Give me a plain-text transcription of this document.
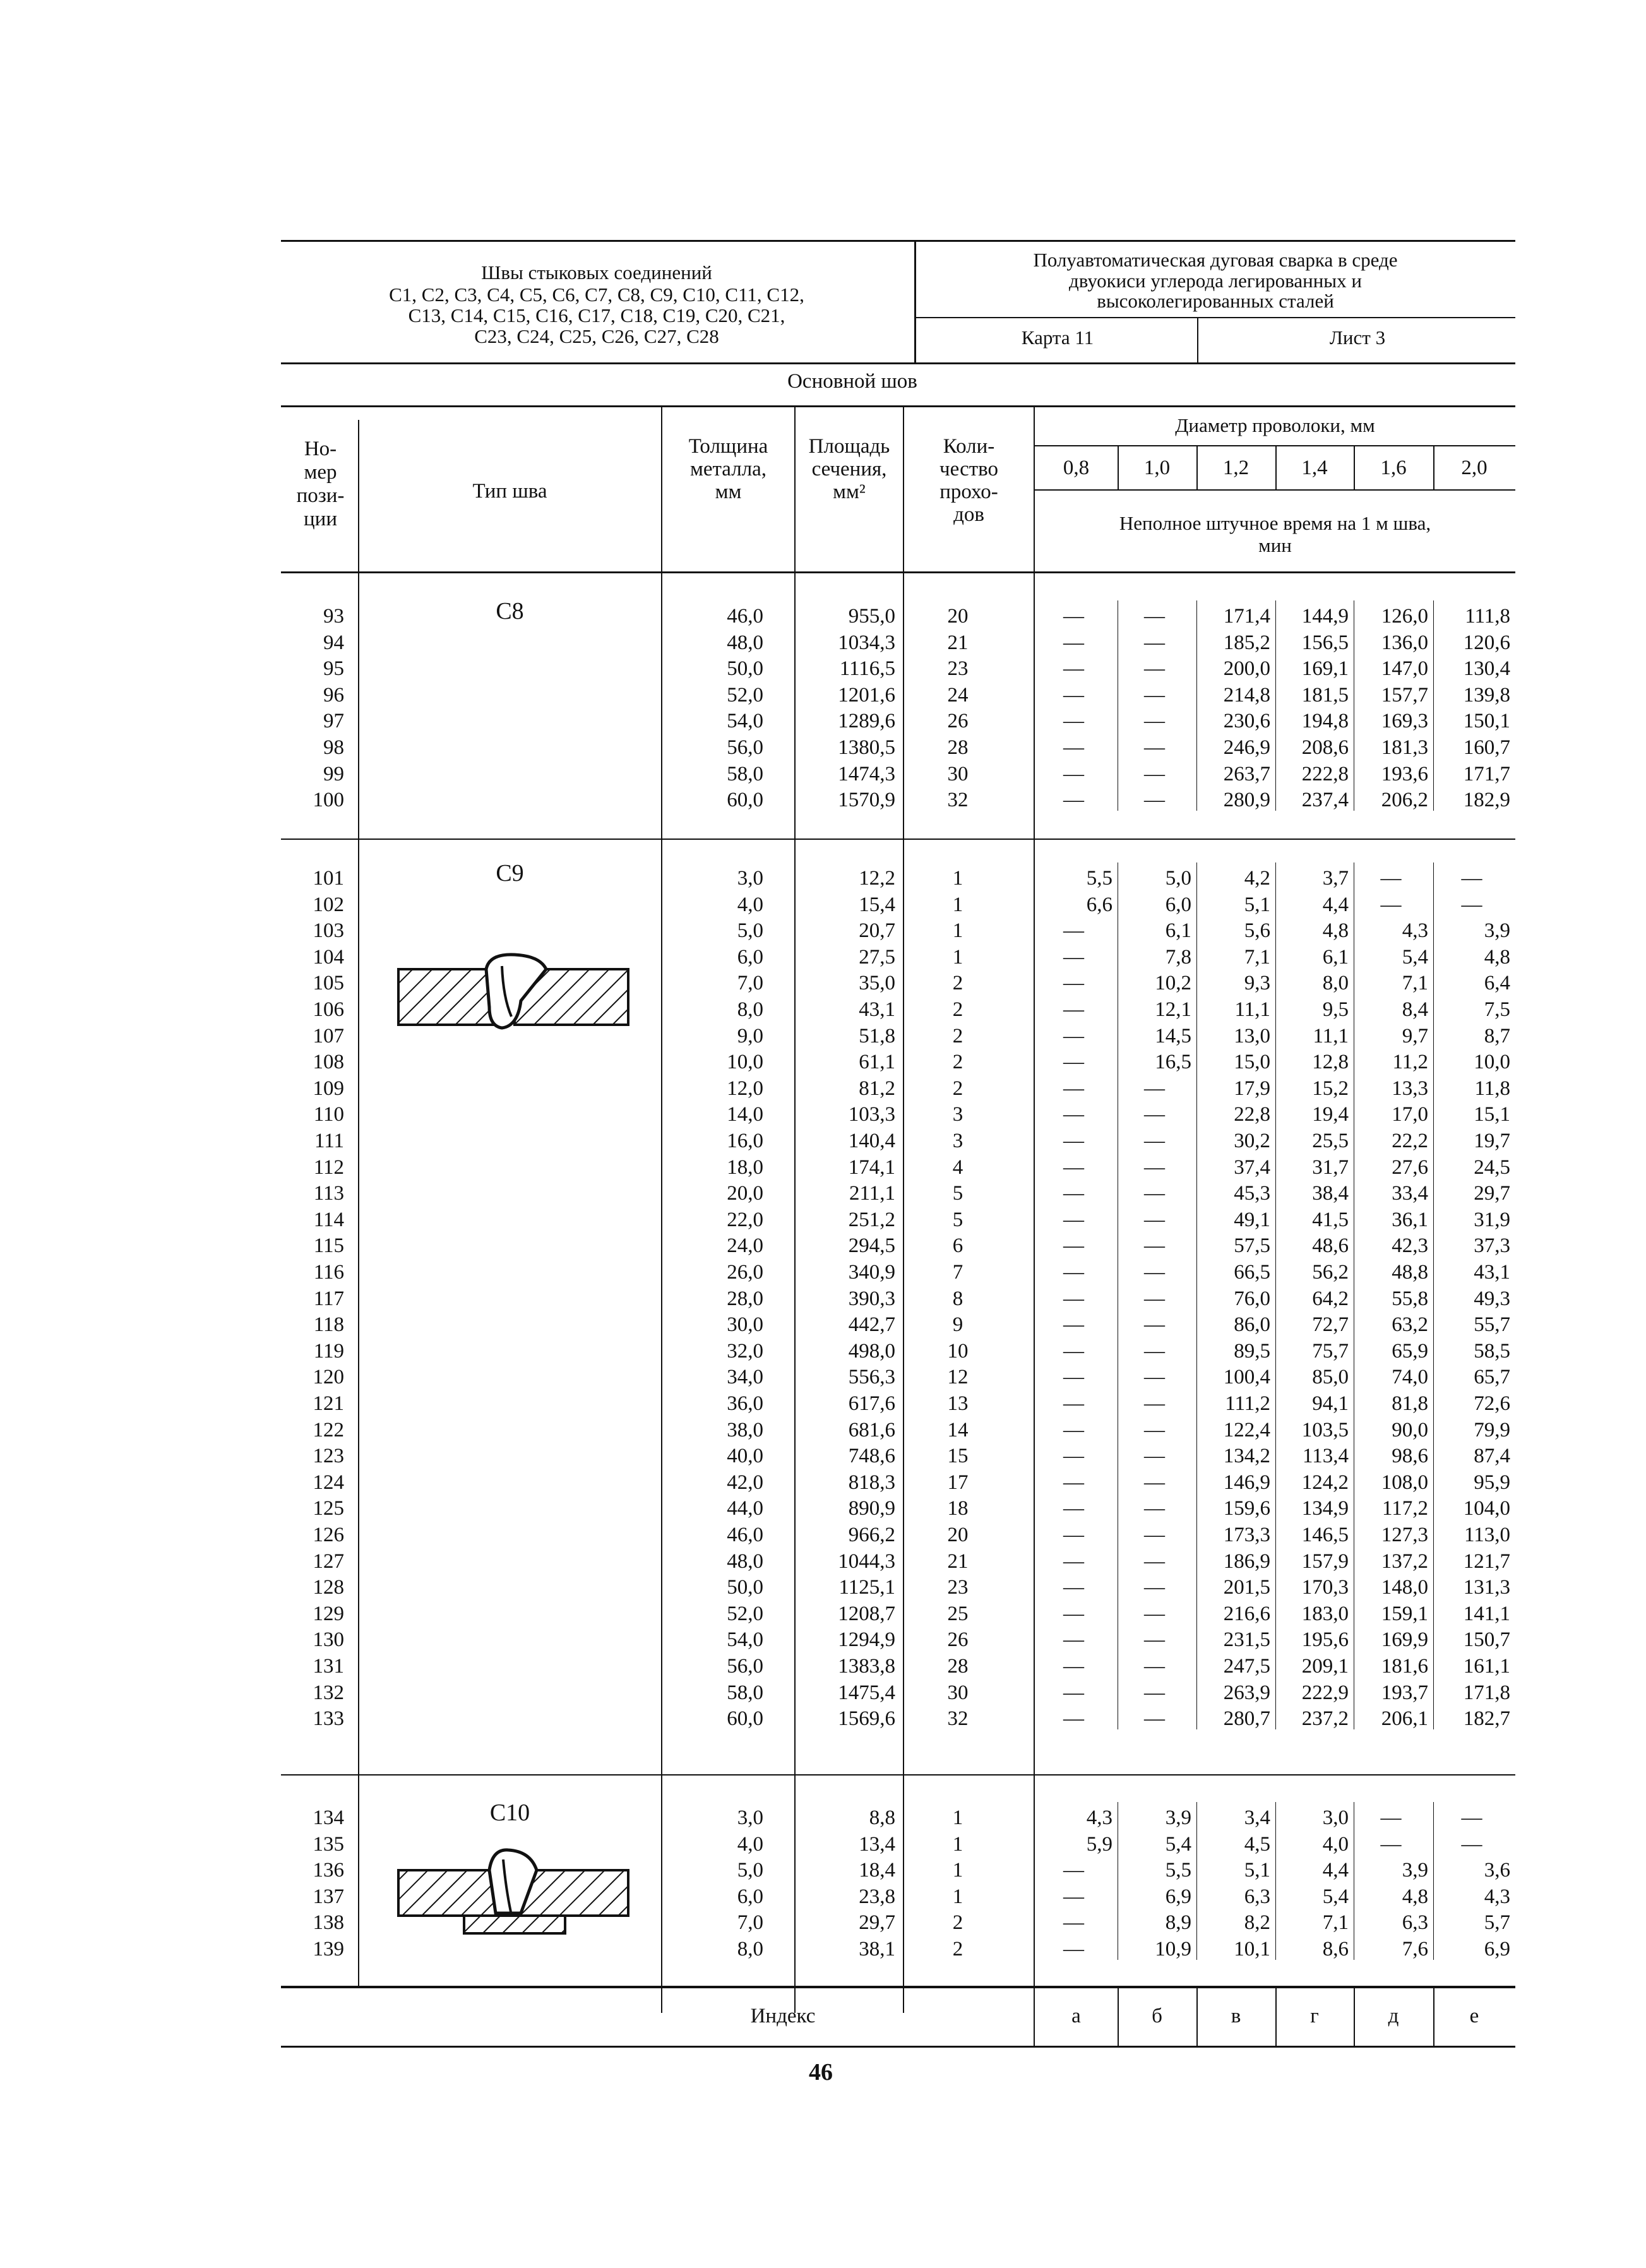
Швы стыковых соединений
С1, С2, С3, С4, С5, С6, С7, С8, С9, С10, С11, С12,
С13, С14, С15, С16, С17, С18, С19, С20, С21,
С23, С24, С25, С26, С27, С28
Полуавтоматическая дуговая сварка в среде
двуокиси углерода легированных и
высоколегированных сталей
Карта 11	Лист 3
Основной шов
Но-
мер
пози-
ции
Тип шва
Толщина
металла,
мм
Площадь
сечения,
мм²
Коли-
чество
прохо-
дов
Диаметр проволоки, мм
Неполное штучное время на 1 м шва,
мин
0,8	1,0	1,2	1,4	1,6	2,0
С8
93	46,0	955,0	20	—	—	171,4	144,9	126,0	111,8
94	48,0	1034,3	21	—	—	185,2	156,5	136,0	120,6
95	50,0	1116,5	23	—	—	200,0	169,1	147,0	130,4
96	52,0	1201,6	24	—	—	214,8	181,5	157,7	139,8
97	54,0	1289,6	26	—	—	230,6	194,8	169,3	150,1
98	56,0	1380,5	28	—	—	246,9	208,6	181,3	160,7
99	58,0	1474,3	30	—	—	263,7	222,8	193,6	171,7
100	60,0	1570,9	32	—	—	280,9	237,4	206,2	182,9
С9
101	3,0	12,2	1	5,5	5,0	4,2	3,7	—	—
102	4,0	15,4	1	6,6	6,0	5,1	4,4	—	—
103	5,0	20,7	1	—	6,1	5,6	4,8	4,3	3,9
104	6,0	27,5	1	—	7,8	7,1	6,1	5,4	4,8
105	7,0	35,0	2	—	10,2	9,3	8,0	7,1	6,4
106	8,0	43,1	2	—	12,1	11,1	9,5	8,4	7,5
107	9,0	51,8	2	—	14,5	13,0	11,1	9,7	8,7
108	10,0	61,1	2	—	16,5	15,0	12,8	11,2	10,0
109	12,0	81,2	2	—	—	17,9	15,2	13,3	11,8
110	14,0	103,3	3	—	—	22,8	19,4	17,0	15,1
111	16,0	140,4	3	—	—	30,2	25,5	22,2	19,7
112	18,0	174,1	4	—	—	37,4	31,7	27,6	24,5
113	20,0	211,1	5	—	—	45,3	38,4	33,4	29,7
114	22,0	251,2	5	—	—	49,1	41,5	36,1	31,9
115	24,0	294,5	6	—	—	57,5	48,6	42,3	37,3
116	26,0	340,9	7	—	—	66,5	56,2	48,8	43,1
117	28,0	390,3	8	—	—	76,0	64,2	55,8	49,3
118	30,0	442,7	9	—	—	86,0	72,7	63,2	55,7
119	32,0	498,0	10	—	—	89,5	75,7	65,9	58,5
120	34,0	556,3	12	—	—	100,4	85,0	74,0	65,7
121	36,0	617,6	13	—	—	111,2	94,1	81,8	72,6
122	38,0	681,6	14	—	—	122,4	103,5	90,0	79,9
123	40,0	748,6	15	—	—	134,2	113,4	98,6	87,4
124	42,0	818,3	17	—	—	146,9	124,2	108,0	95,9
125	44,0	890,9	18	—	—	159,6	134,9	117,2	104,0
126	46,0	966,2	20	—	—	173,3	146,5	127,3	113,0
127	48,0	1044,3	21	—	—	186,9	157,9	137,2	121,7
128	50,0	1125,1	23	—	—	201,5	170,3	148,0	131,3
129	52,0	1208,7	25	—	—	216,6	183,0	159,1	141,1
130	54,0	1294,9	26	—	—	231,5	195,6	169,9	150,7
131	56,0	1383,8	28	—	—	247,5	209,1	181,6	161,1
132	58,0	1475,4	30	—	—	263,9	222,9	193,7	171,8
133	60,0	1569,6	32	—	—	280,7	237,2	206,1	182,7
С10
134	3,0	8,8	1	4,3	3,9	3,4	3,0	—	—
135	4,0	13,4	1	5,9	5,4	4,5	4,0	—	—
136	5,0	18,4	1	—	5,5	5,1	4,4	3,9	3,6
137	6,0	23,8	1	—	6,9	6,3	5,4	4,8	4,3
138	7,0	29,7	2	—	8,9	8,2	7,1	6,3	5,7
139	8,0	38,1	2	—	10,9	10,1	8,6	7,6	6,9
Индекс	а	б	в	г	д	е
46
